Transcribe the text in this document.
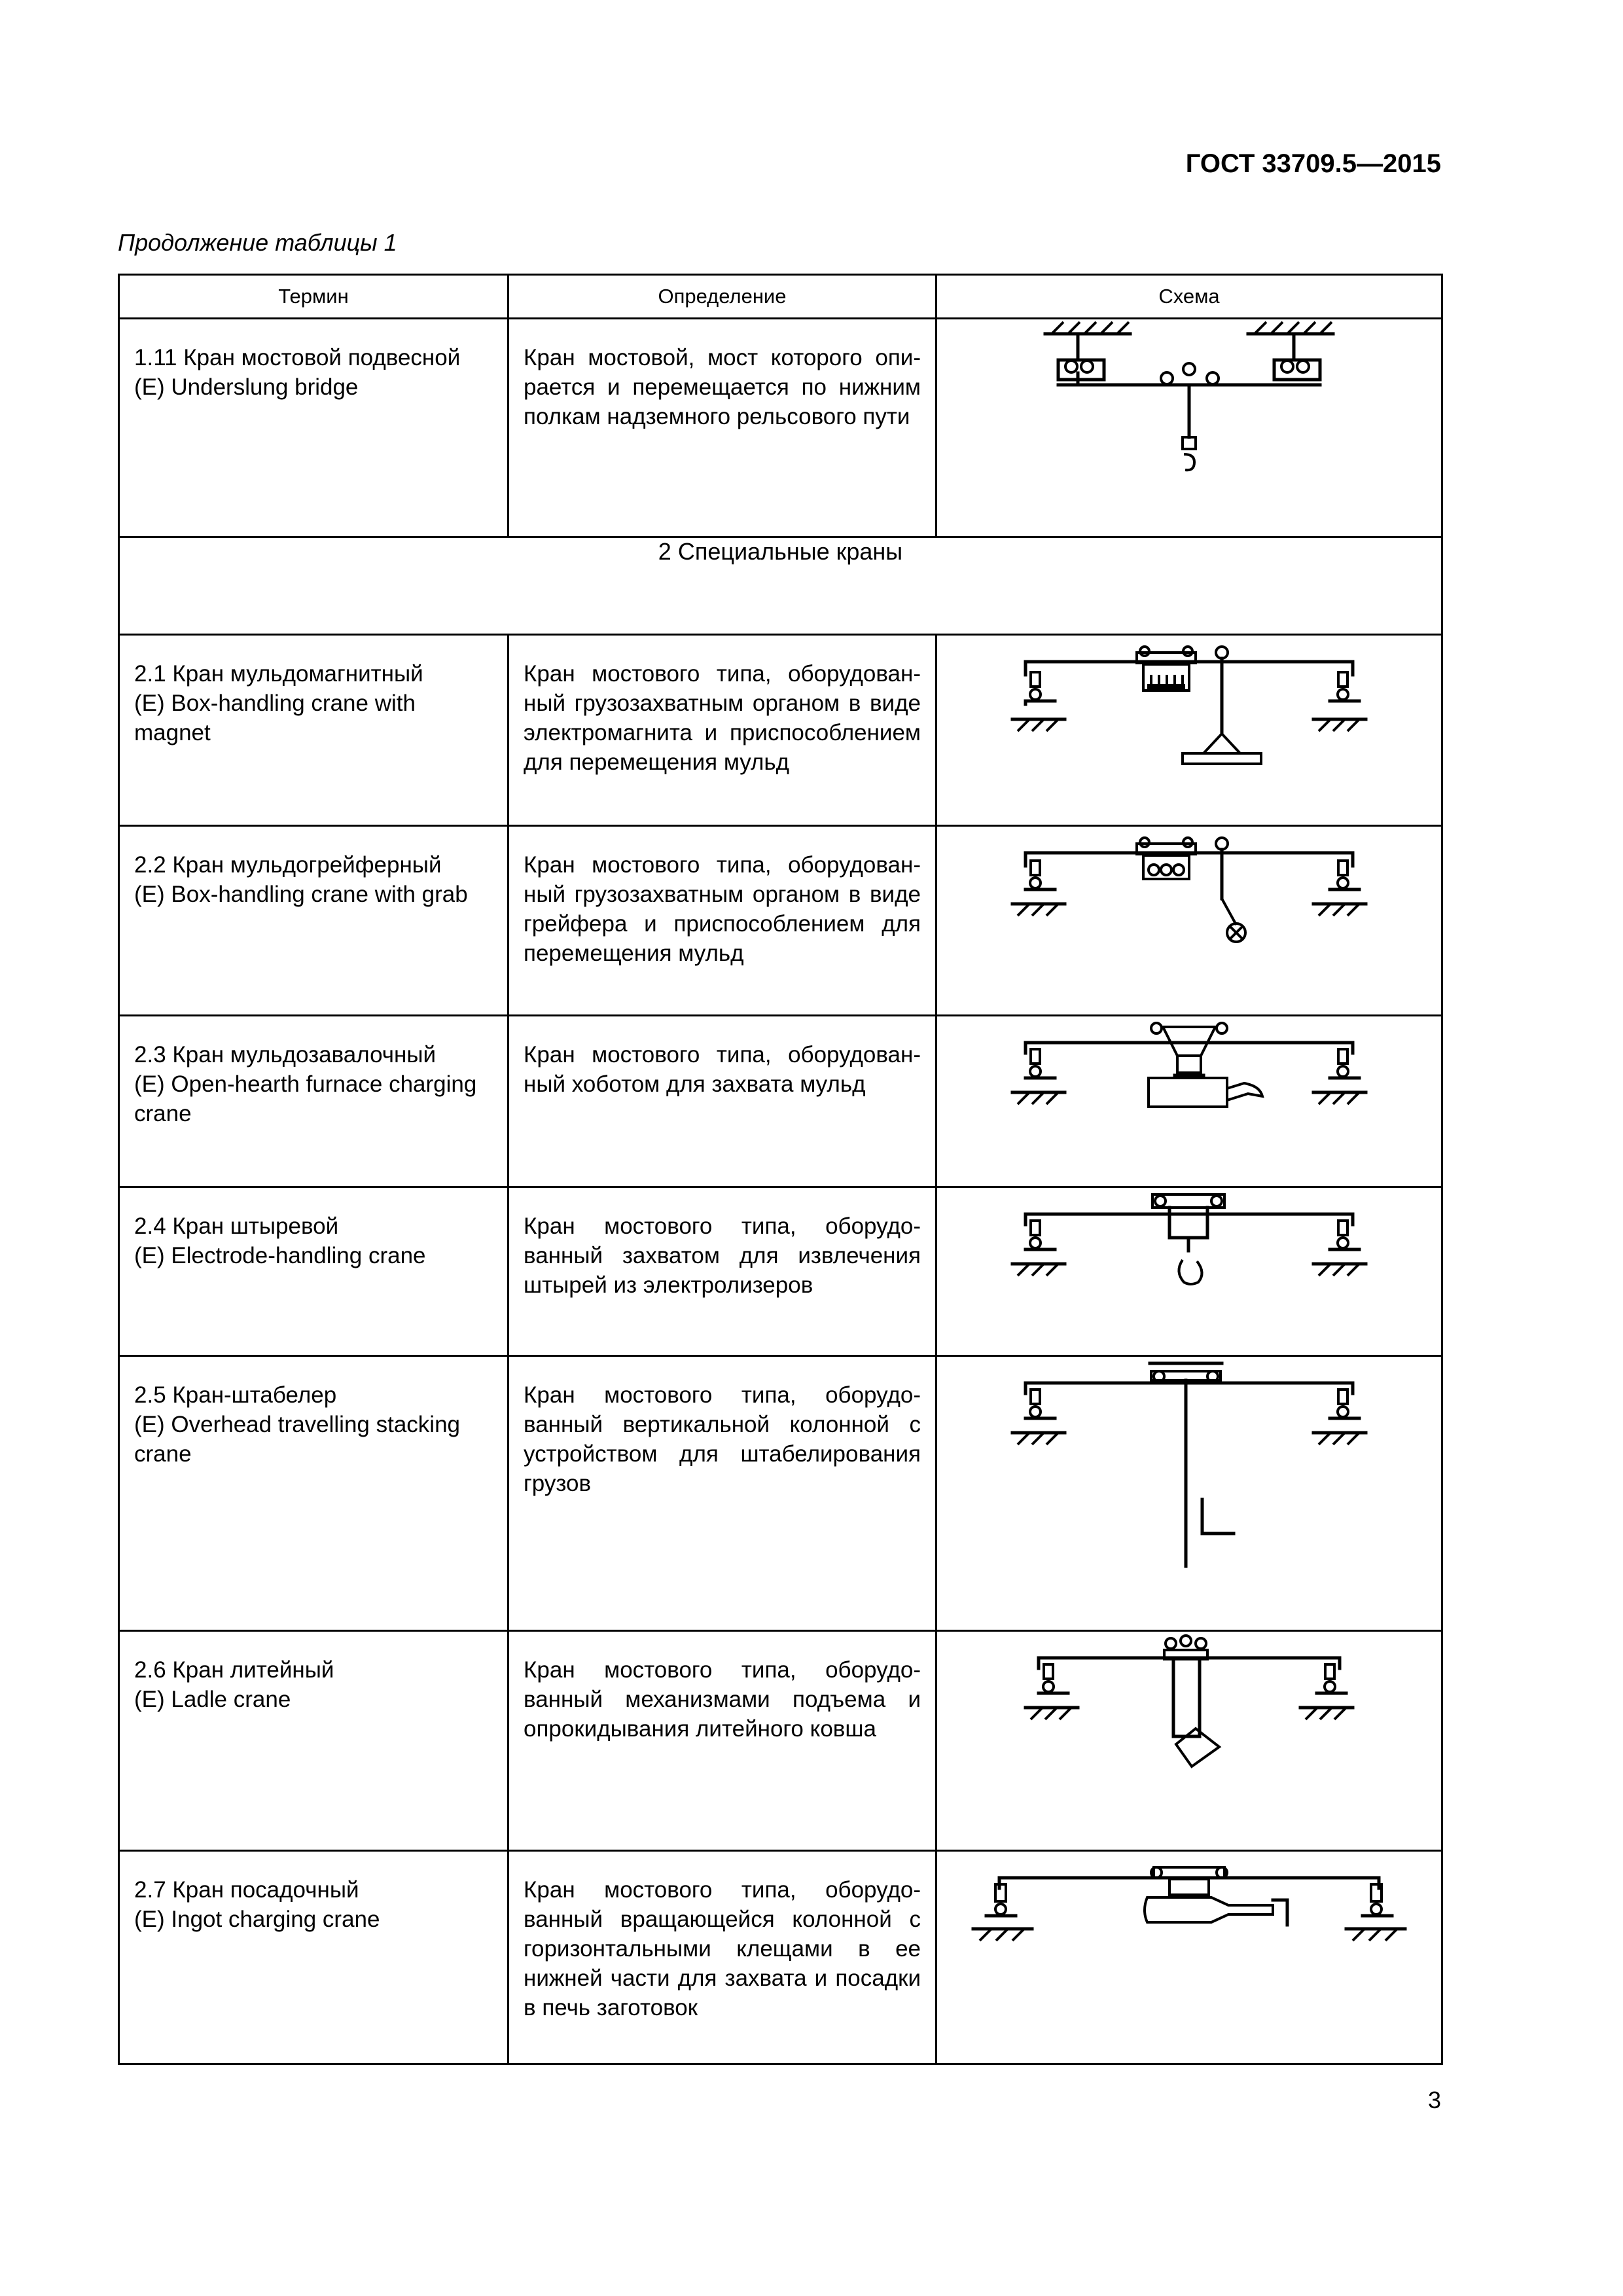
ГОСТ 33709.5—2015
Продолжение таблицы 1
Термин	Определение	Схема

1.11 Кран мостовой подвесной
(E) Underslung bridge	Кран мостовой, мост которого опирается и перемещается по нижним полкам надземного рельсового пути

2 Специальные краны		

2.1 Кран мульдомагнитный
(E) Box-handling crane with magnet	Кран мостового типа, оборудованный грузозахватным органом в виде электромагнита и приспособлением для перемещения мульд

2.2 Кран мульдогрейферный
(E) Box-handling crane with grab	Кран мостового типа, оборудованный грузозахватным органом в виде грейфера и приспособлением для перемещения мульд

2.3 Кран мульдозавалочный
(E) Open-hearth furnace charging crane	Кран мостового типа, оборудованный хоботом для захвата мульд

2.4 Кран штыревой
(E) Electrode-handling crane	Кран мостового типа, оборудованный захватом для извлечения штырей из электролизеров

2.5 Кран-штабелер
(E) Overhead travelling stacking crane	Кран мостового типа, оборудованный вертикальной колонной с устройством для штабелирования грузов

2.6 Кран литейный
(E) Ladle crane	Кран мостового типа, оборудованный механизмами подъема и опрокидывания литейного ковша

2.7 Кран посадочный
(E) Ingot charging crane	Кран мостового типа, оборудованный вращающейся колонной с горизонтальными клещами в ее нижней части для захвата и посадки в печь заготовок

3
